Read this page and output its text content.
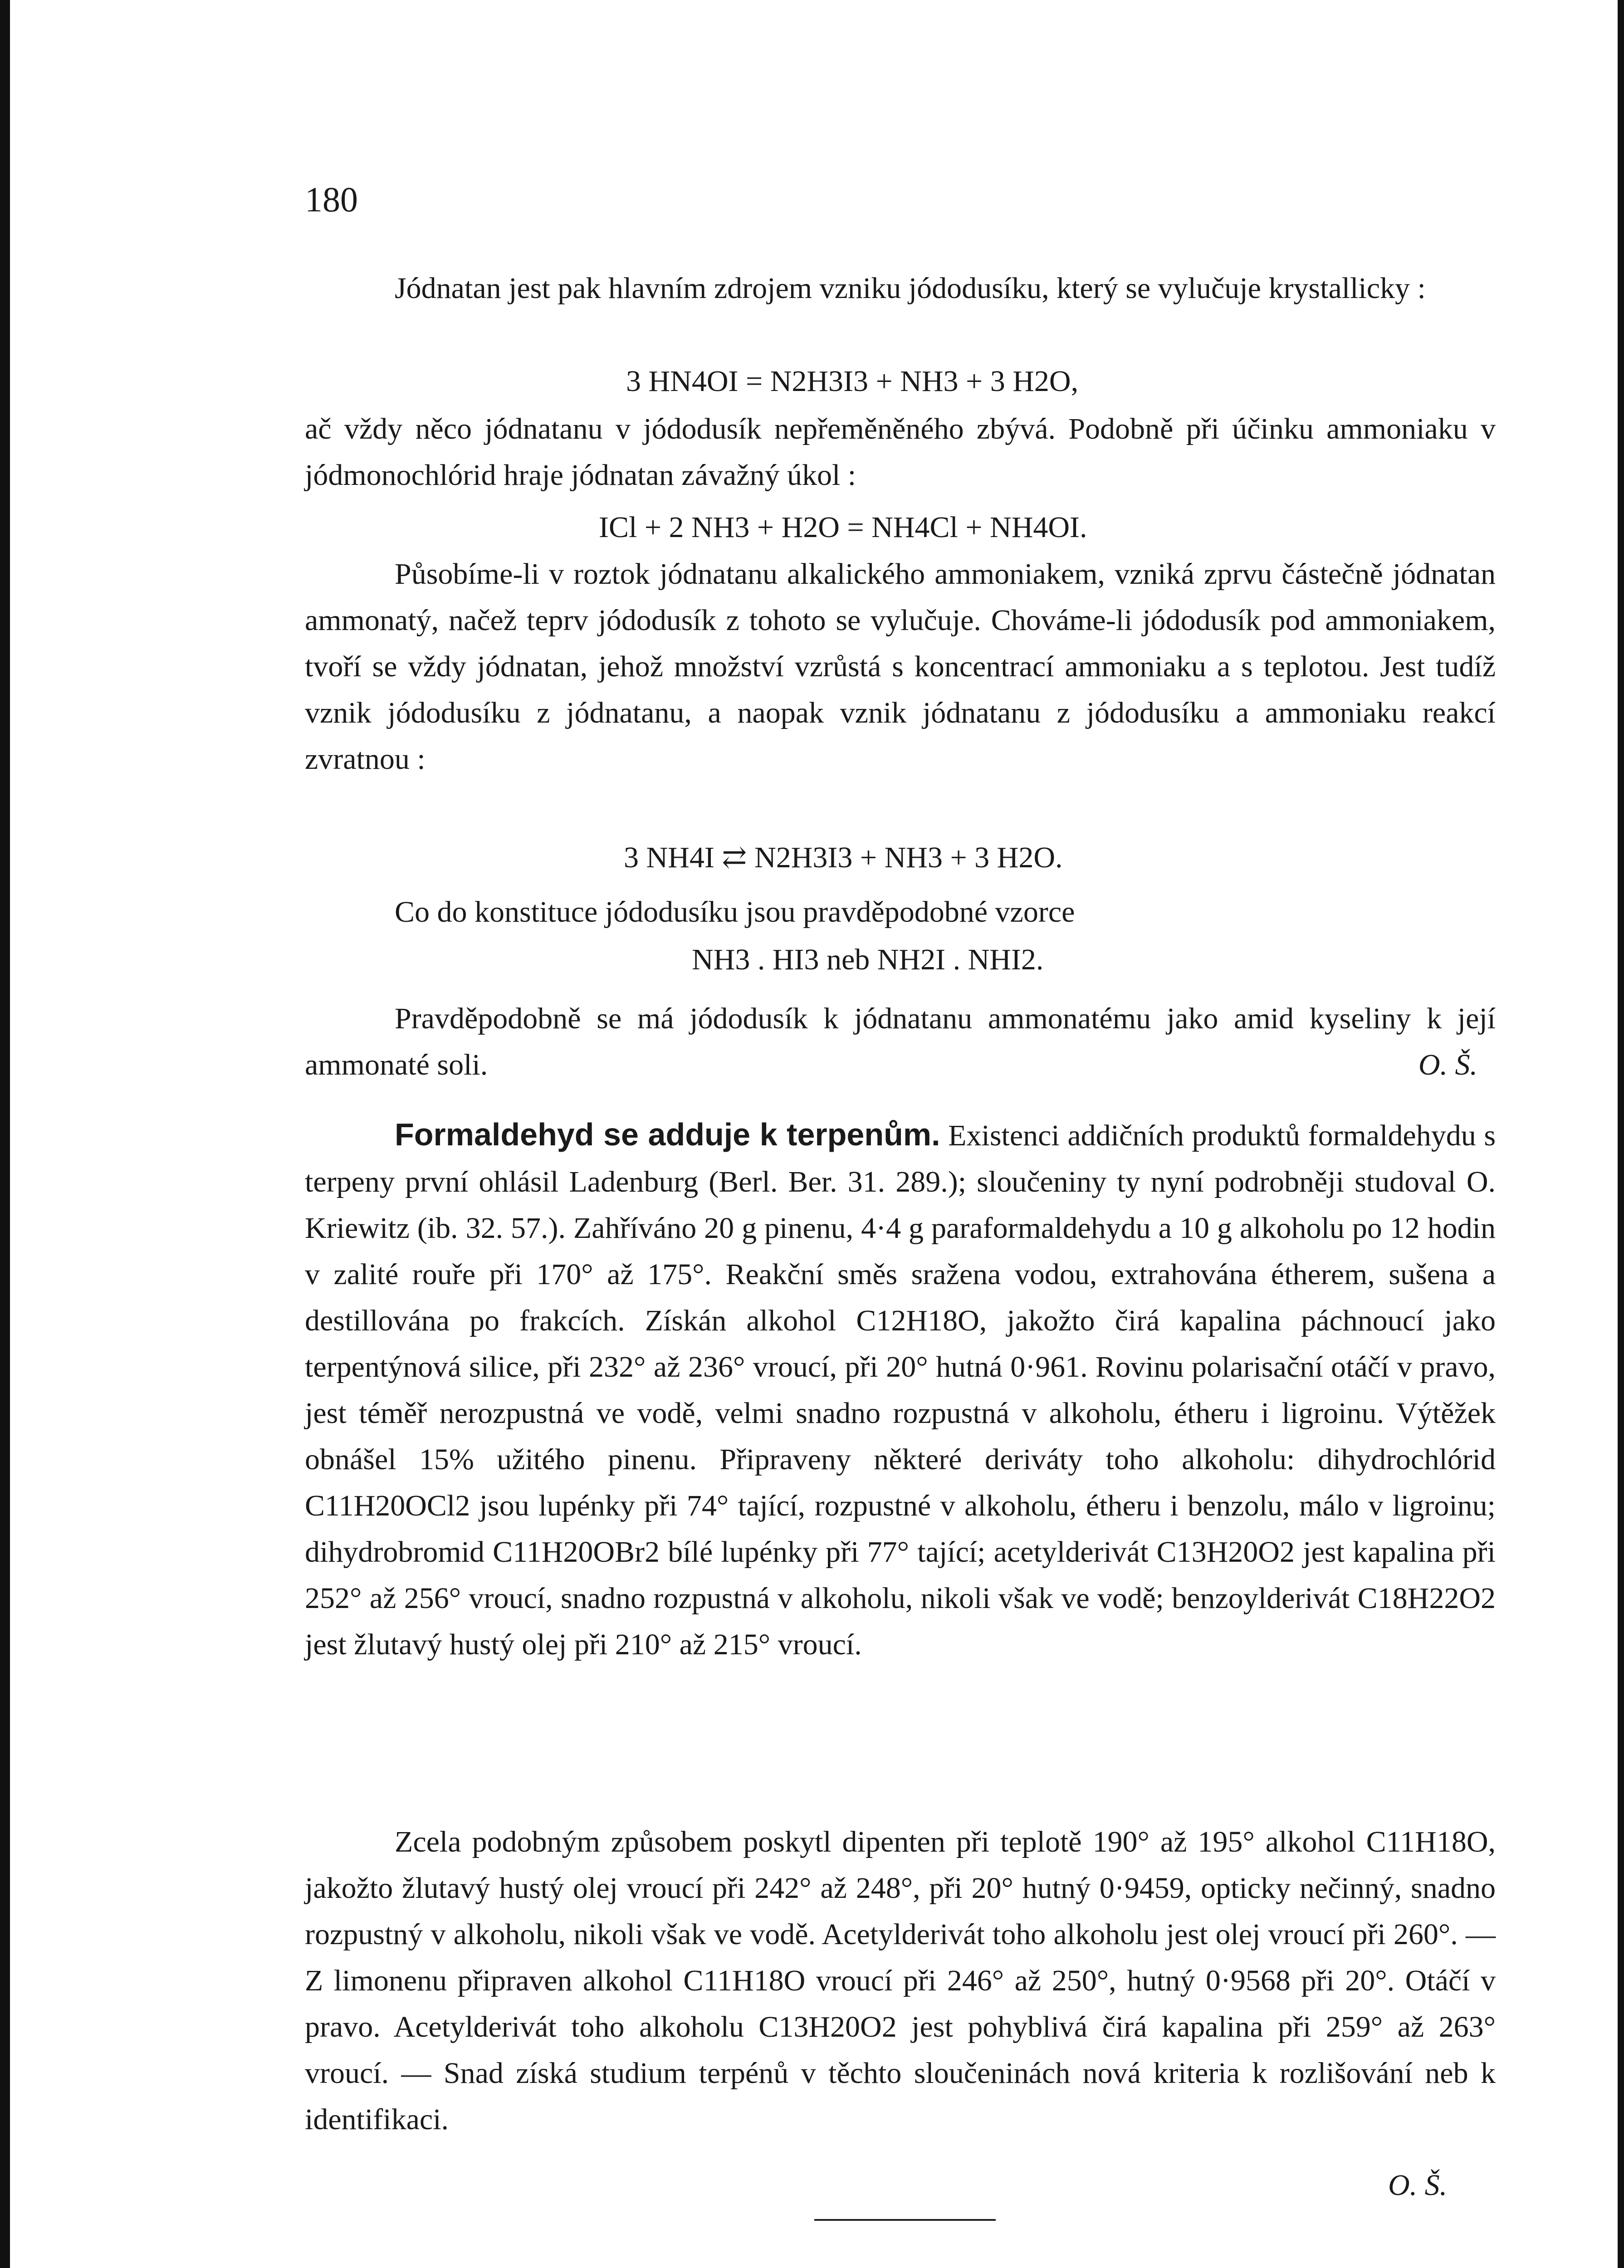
180

Jódnatan jest pak hlavním zdrojem vzniku jódodusíku, který se vylučuje krystallicky :

3 HN4OI = N2H3I3 + NH3 + 3 H2O,

ač vždy něco jódnatanu v jódodusík nepřeměněného zbývá. Podobně při účinku ammoniaku v jódmonochlórid hraje jódnatan závažný úkol :

ICl + 2 NH3 + H2O = NH4Cl + NH4OI.

Působíme-li v roztok jódnatanu alkalického ammoniakem, vzniká zprvu částečně jódnatan ammonatý, načež teprv jódodusík z tohoto se vylučuje. Chováme-li jódodusík pod ammoniakem, tvoří se vždy jódnatan, jehož množství vzrůstá s koncentrací ammoniaku a s teplotou. Jest tudíž vznik jódodusíku z jódnatanu, a naopak vznik jódnatanu z jódodusíku a ammoniaku reakcí zvratnou :

3 NH4I ⇄ N2H3I3 + NH3 + 3 H2O.

Co do konstituce jódodusíku jsou pravděpodobné vzorce

NH3 . HI3 neb NH2I . NHI2.

Pravděpodobně se má jódodusík k jódnatanu ammonatému jako amid kyseliny k její ammonaté soli.	O. Š.

Formaldehyd se adduje k terpenům. Existenci addičních produktů formaldehydu s terpeny první ohlásil Ladenburg (Berl. Ber. 31. 289.); sloučeniny ty nyní podrobněji studoval O. Kriewitz (ib. 32. 57.). Zahříváno 20 g pinenu, 4·4 g paraformaldehydu a 10 g alkoholu po 12 hodin v zalité rouře při 170° až 175°. Reakční směs sražena vodou, extrahována étherem, sušena a destillována po frakcích. Získán alkohol C12H18O, jakožto čirá kapalina páchnoucí jako terpentýnová silice, při 232° až 236° vroucí, při 20° hutná 0·961. Rovinu polarisační otáčí v pravo, jest téměř nerozpustná ve vodě, velmi snadno rozpustná v alkoholu, étheru i ligroinu. Výtěžek obnášel 15% užitého pinenu. Připraveny některé deriváty toho alkoholu: dihydrochlórid C11H20OCl2 jsou lupénky při 74° tající, rozpustné v alkoholu, étheru i benzolu, málo v ligroinu; dihydrobromid C11H20OBr2 bílé lupénky při 77° tající; acetylderivát C13H20O2 jest kapalina při 252° až 256° vroucí, snadno rozpustná v alkoholu, nikoli však ve vodě; benzoylderivát C18H22O2 jest žlutavý hustý olej při 210° až 215° vroucí.

Zcela podobným způsobem poskytl dipenten při teplotě 190° až 195° alkohol C11H18O, jakožto žlutavý hustý olej vroucí při 242° až 248°, při 20° hutný 0·9459, opticky nečinný, snadno rozpustný v alkoholu, nikoli však ve vodě. Acetylderivát toho alkoholu jest olej vroucí při 260°. — Z limonenu připraven alkohol C11H18O vroucí při 246° až 250°, hutný 0·9568 při 20°. Otáčí v pravo. Acetylderivát toho alkoholu C13H20O2 jest pohyblivá čirá kapalina při 259° až 263° vroucí. — Snad získá studium terpénů v těchto sloučeninách nová kriteria k rozlišování neb k identifikaci.

O. Š.
